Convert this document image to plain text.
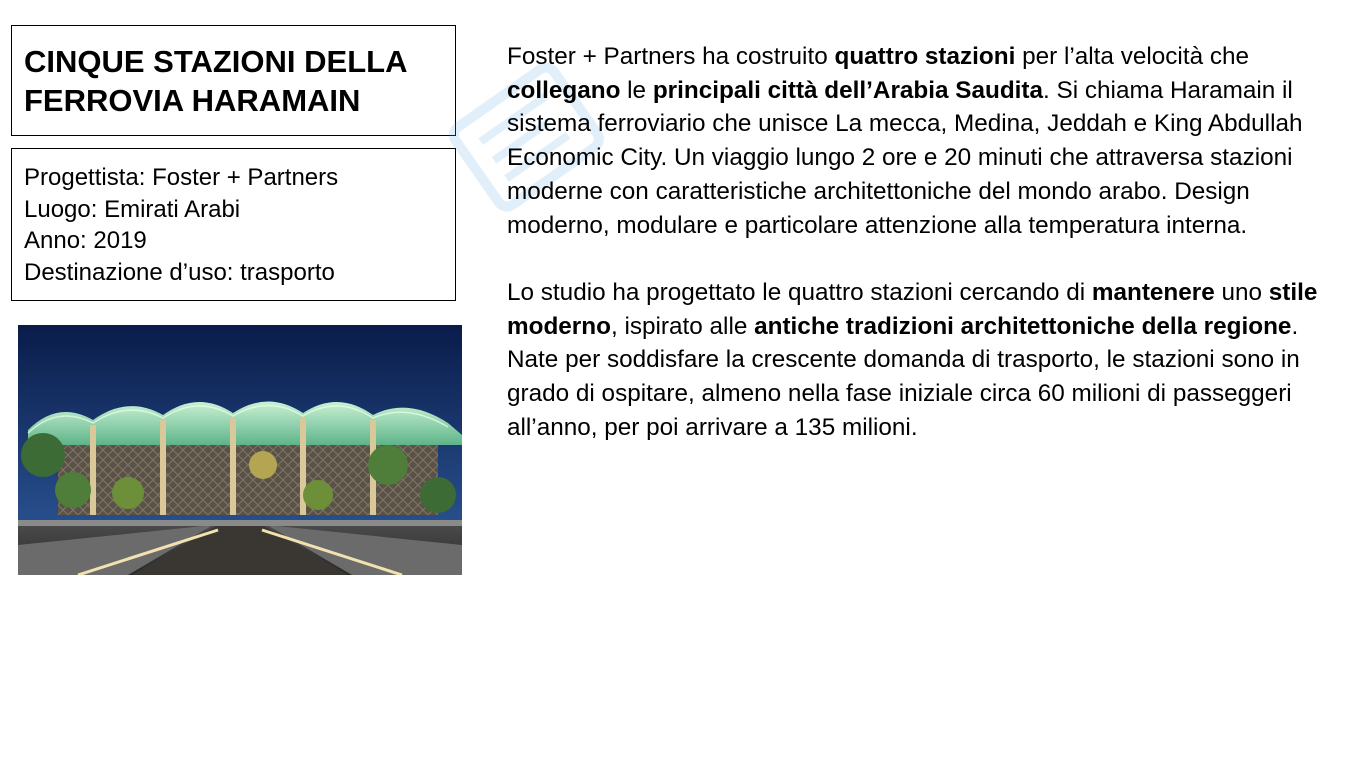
CINQUE STAZIONI DELLA FERROVIA HARAMAIN
Progettista: Foster + Partners
Luogo: Emirati Arabi
Anno: 2019
Destinazione d’uso: trasporto

Foster + Partners ha costruito quattro stazioni per l’alta velocità che collegano le principali città dell’Arabia Saudita. Si chiama Haramain il sistema ferroviario che unisce La mecca, Medina, Jeddah e King Abdullah Economic City. Un viaggio lungo 2 ore e 20 minuti che attraversa stazioni moderne con caratteristiche architettoniche del mondo arabo. Design moderno, modulare e particolare attenzione alla temperatura interna.

Lo studio ha progettato le quattro stazioni cercando di mantenere uno stile moderno, ispirato alle antiche tradizioni architettoniche della regione.

Nate per soddisfare la crescente domanda di trasporto, le stazioni sono in grado di ospitare, almeno nella fase iniziale circa 60 milioni di passeggeri all’anno, per poi arrivare a 135 milioni.
